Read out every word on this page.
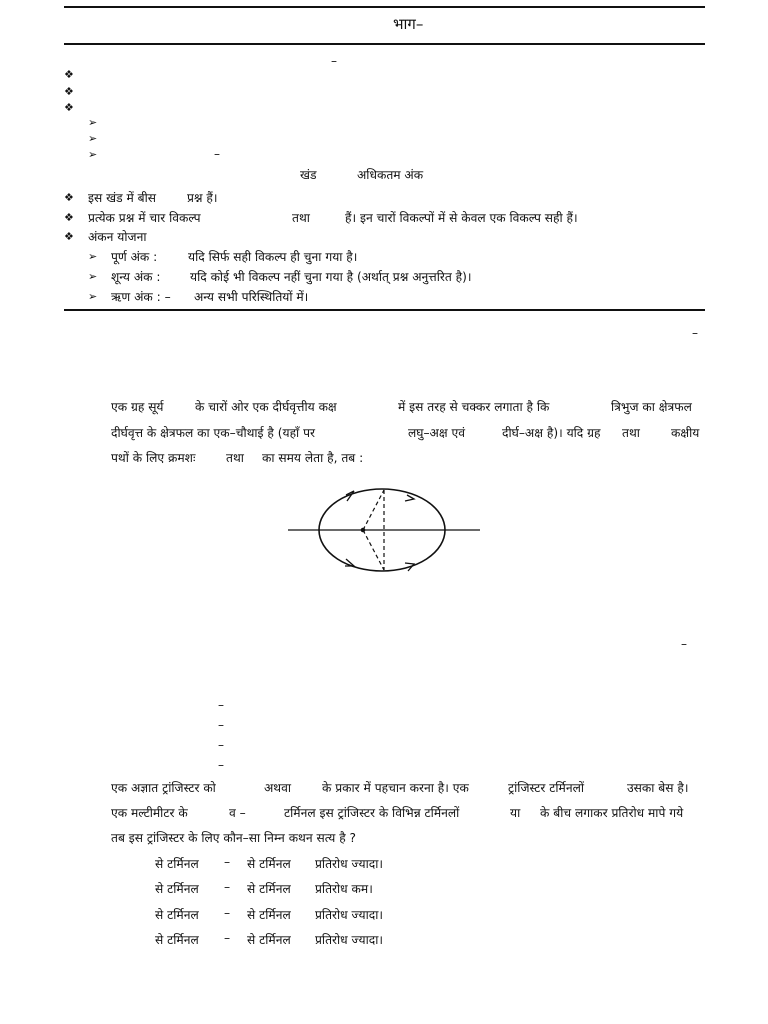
भाग–
–
❖
❖
❖
➢
➢
➢	–
खंड	अधिकतम अंक
❖ इस खंड में बीस	प्रश्न हैं।
❖ प्रत्येक प्रश्न में चार विकल्प	तथा	हैं। इन चारों विकल्पों में से केवल एक विकल्प सही हैं।
❖ अंकन योजना
➢ पूर्ण अंक :	यदि सिर्फ सही विकल्प ही चुना गया है।
➢ शून्य अंक : यदि कोई भी विकल्प नहीं चुना गया है (अर्थात् प्रश्न अनुत्तरित है)।
➢ ऋण अंक : – अन्य सभी परिस्थितियों में।
–
एक ग्रह सूर्य	के चारों ओर एक दीर्घवृत्तीय कक्ष	में इस तरह से चक्कर लगाता है कि	त्रिभुज का क्षेत्रफल
दीर्घवृत्त के क्षेत्रफल का एक–चौथाई है (यहाँ पर	लघु–अक्ष एवं	दीर्घ–अक्ष है)। यदि ग्रह तथा	कक्षीय
पथों के लिए क्रमशः	तथा का समय लेता है, तब :
–
–
–
–
–
एक अज्ञात ट्रांजिस्टर को	अथवा	के प्रकार में पहचान करना है। एक	ट्रांजिस्टर टर्मिनलों	उसका बेस है।
एक मल्टीमीटर के	व –	टर्मिनल इस ट्रांजिस्टर के विभिन्न टर्मिनलों	या के बीच लगाकर प्रतिरोध मापे गये
तब इस ट्रांजिस्टर के लिए कौन–सा निम्न कथन सत्य है ?
से टर्मिनल – से टर्मिनल प्रतिरोध ज्यादा।
से टर्मिनल – से टर्मिनल प्रतिरोध कम।
से टर्मिनल – से टर्मिनल प्रतिरोध ज्यादा।
से टर्मिनल – से टर्मिनल प्रतिरोध ज्यादा।
